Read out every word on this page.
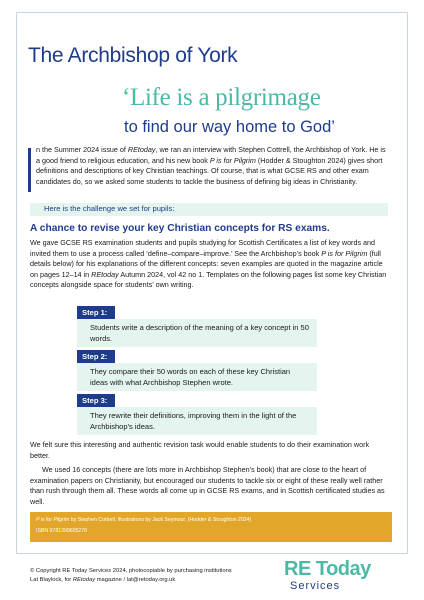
The Archbishop of York

‘Life is a pilgrimage

to find our way home to God’

n the Summer 2024 issue of REtoday, we ran an interview with Stephen Cottrell, the Archbishop of York. He is a good friend to religious education, and his new book P is for Pilgrim (Hodder & Stoughton 2024) gives short definitions and descriptions of key Christian teachings. Of course, that is what GCSE RS and other exam candidates do, so we asked some students to tackle the business of defining big ideas in Christianity.

Here is the challenge we set for pupils:

A chance to revise your key Christian concepts for RS exams.

We gave GCSE RS examination students and pupils studying for Scottish Certificates a list of key words and invited them to use a process called ‘define–compare–improve.’ See the Archbishop’s book P is for Pilgrim (full details below) for his explanations of the different concepts: seven examples are quoted in the magazine article on pages 12–14 in REtoday Autumn 2024, vol 42 no 1. Templates on the following pages list some key Christian concepts alongside space for students’ own writing.

Step 1:

Students write a description of the meaning of a key concept in 50 words.

Step 2:

They compare their 50 words on each of these key Christian ideas with what Archbishop Stephen wrote.

Step 3:

They rewrite their definitions, improving them in the light of the Archbishop’s ideas.

We felt sure this interesting and authentic revision task would enable students to do their examination work better.

We used 16 concepts (there are lots more in Archbishop Stephen’s book) that are close to the heart of examination papers on Christianity, but encouraged our students to tackle six or eight of these really well rather than rush through them all. These words all come up in GCSE RS exams, and in Scottish certificated studies as well.

P is for Pilgrim by Stephen Cottrell. Illustrations by Jack Seymour. (Hodder & Stoughton 2024)

ISBN 9781399605278

© Copyright RE Today Services 2024, photocopiable by purchasing institutions

Lat Blaylock, for REtoday magazine / lat@retoday.org.uk	RE Today

Services
